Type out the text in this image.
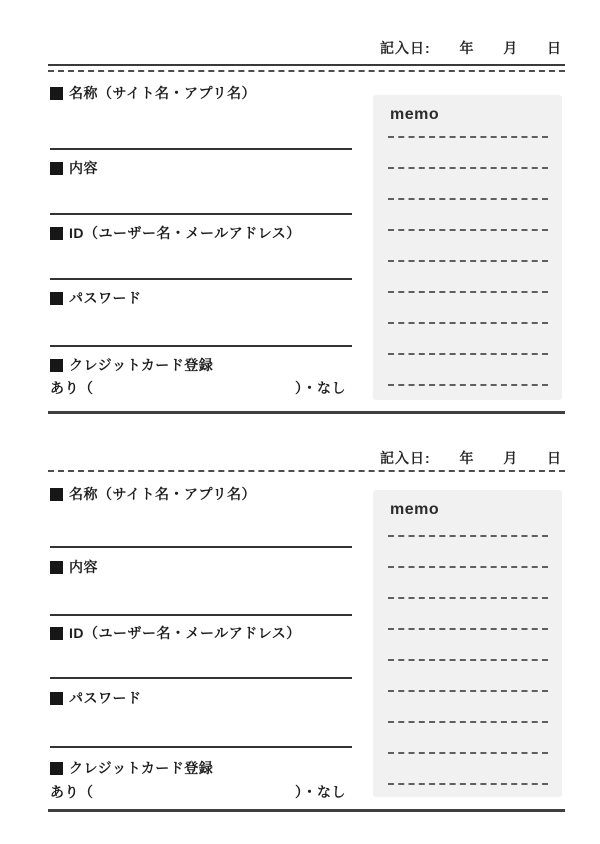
記入日: 年 月 日
名称（サイト名・アプリ名）
内容
ID（ユーザー名・メールアドレス）
パスワード
クレジットカード登録
あり（	）・なし
memo
記入日: 年 月 日
名称（サイト名・アプリ名）
内容
ID（ユーザー名・メールアドレス）
パスワード
クレジットカード登録
あり（	）・なし
memo
